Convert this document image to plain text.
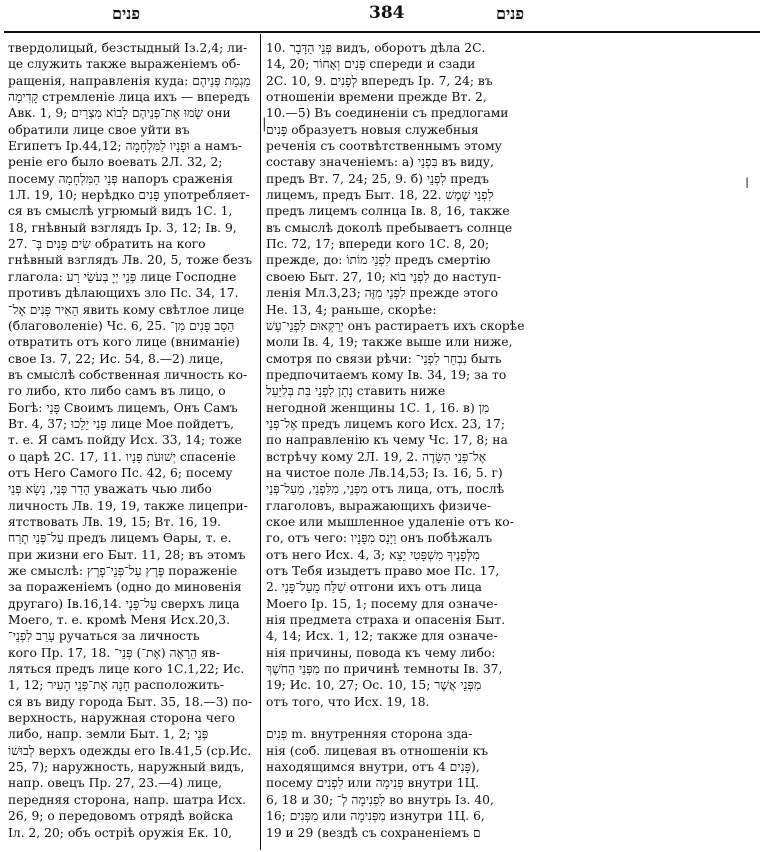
פנים	384	פנים
твердолицый, безстыдный Із.2,4; ли-
це служить также выраженіемъ об-
ращенія, направленія куда: מַגְמַת פְּנֵיהֶם
קָדִימָה стремленіе лица ихъ — впередъ
Авк. 1, 9; שָׂמוּ אֶת־פְּנֵיהֶם לָבוֹא מִצְרַיִם они
обратили лице свое уйти въ
Египетъ Ір.44,12; וּפָנָיו לַמִּלְחָמָה а намъ-
реніе его было воевать 2Л. 32, 2;
посему פְּנֵי הַמִּלְחָמָה напоръ сраженія
1Л. 19, 10; нерѣдко פָּנִים употребляет-
ся въ смыслѣ угрюмый видъ 1С. 1,
18, гнѣвный взглядъ Ір. 3, 12; Ів. 9,
27. שִׂים פָּנִים בְּ־ обратить на кого
гнѣвный взглядъ Лв. 20, 5, тоже безъ
глагола: פְּנֵי יְיָ בְּעֹשֵׂי רָע лице Господне
противъ дѣлающихъ зло Пс. 34, 17.
הֵאִיר פָּנִים אֶל־ явить кому свѣтлое лице
(благоволеніе) Чс. 6, 25. הֵסֵב פָּנִים מִן־
отвратить отъ кого лице (вниманіе)
свое Із. 7, 22; Ис. 54, 8.—2) лице,
въ смыслѣ собственная личность ко-
го либо, кто либо самъ въ лицо, о
Богѣ: פָּנַי Своимъ лицемъ, Онъ Самъ
Вт. 4, 37; פָּנַי יֵלֵכוּ лице Мое пойдетъ,
т. е. Я самъ пойду Исх. 33, 14; тоже
о царѣ 2С. 17, 11. יְשׁוּעֹת פָּנָיו спасеніе
отъ Него Самого Пс. 42, 6; посему
הָדַר פְּנֵי, נָשָׂא פְּנֵי уважать чью либо
личность Лв. 19, 19, также лицепри-
ятствовать Лв. 19, 15; Вт. 16, 19.
עַל־פְּנֵי תֶרַח предъ лицемъ Ѳары, т. е.
при жизни его Быт. 11, 28; въ этомъ
же смыслѣ: פֶּרֶץ עַל־פְּנֵי־פָרֶץ пораженіе
за пораженіемъ (одно до миновенія
другаго) Ів.16,14. עַל־פָּנָי сверхъ лица
Моего, т. е. кромѣ Меня Исх.20,3.
עָרַב לִפְנֵי־ ручаться за личность
кого Пр. 17, 18. הֵרָאֶה (אֶת־) פְּנֵי־ яв-
ляться предъ лице кого 1С.1,22; Ис.
1, 12; חָנָה אֶת־פְּנֵי הָעִיר расположить-
ся въ виду города Быт. 35, 18.—3) по-
верхность, наружная сторона чего
либо, напр. земли Быт. 1, 2; פְּנֵי
לְבוּשׁוֹ верхъ одежды его Ів.41,5 (ср.Ис.
25, 7); наружность, наружный видъ,
напр. овецъ Пр. 27, 23.—4) лице,
передняя сторона, напр. шатра Исх.
26, 9; о передовомъ отрядѣ войска
Іл. 2, 20; объ остріѣ оружія Ек. 10,
10. פְּנֵי הַדָּבָר видъ, оборотъ дѣла 2С.
14, 20; פָּנִים וְאָחוֹר спереди и сзади
2С. 10, 9. לְפָנִים впередъ Ір. 7, 24; въ
отношеніи времени прежде Вт. 2,
10.—5) Въ соединеніи съ предлогами
פָּנִים образуетъ новыя служебныя
реченія съ соотвѣтственнымъ этому
составу значеніемъ: а) בִּפְנֵי въ виду,
предъ Вт. 7, 24; 25, 9. б) לִפְנֵי предъ
лицемъ, предъ Быт. 18, 22. לִפְנֵי שֶׁמֶשׁ
предъ лицемъ солнца Ів. 8, 16, также
въ смыслѣ доколѣ пребываетъ солнце
Пс. 72, 17; впереди кого 1С. 8, 20;
прежде, до: לִפְנֵי מוֹתוֹ предъ смертію
своею Быт. 27, 10; לִפְנֵי בוֹא до наступ-
ленія Мл.3,23; לִפְנֵי מִזֶּה прежде этого
Не. 13, 4; раньше, скорѣе:
יְרַקְּאוּם לִפְנֵי־עָשׁ онъ растираетъ ихъ скорѣе
моли Ів. 4, 19; также выше или ниже,
смотря по связи рѣчи: נִבְחַר לִפְנֵי־ быть
предпочитаемъ кому Ів. 34, 19; за то
נָתַן לִפְנֵי בַּת בְּלִיַּעַל ставить ниже
негодной женщины 1С. 1, 16. в) מִן
אֶל־פְּנֵי предъ лицемъ кого Исх. 23, 17;
по направленію къ чему Чс. 17, 8; на
встрѣчу кому 2Л. 19, 2. אֶל־פְּנֵי הַשָּׂדֶה
на чистое поле Лв.14,53; Із. 16, 5. г)
מִפְּנֵי, מִלִּפְנֵי, מֵעַל־פְּנֵי отъ лица, отъ, послѣ
глаголовъ, выражающихъ физиче-
ское или мышленное удаленіе отъ ко-
го, отъ чего: וַיָּנָס מִפָּנָיו онъ побѣжалъ
отъ него Исх. 4, 3; מִלְּפָנֶיךָ מִשְׁפָּטִי יֵצֵא
отъ Тебя изыдетъ право мое Пс. 17,
2. שַׁלַּח מֵעַל־פָּנַי отгони ихъ отъ лица
Моего Ір. 15, 1; посему для означе-
нія предмета страха и опасенія Быт.
4, 14; Исх. 1, 12; также для означе-
нія причины, повода къ чему либо:
מִפְּנֵי הַחֹשֶׁךְ по причинѣ темноты Ів. 37,
19; Ис. 10, 27; Ос. 10, 15; מִפְּנֵי אֲשֶׁר
отъ того, что Исх. 19, 18.
פְּנִים m. внутренняя сторона зда-
нія (соб. лицевая въ отношеніи къ
находящимся внутри, отъ פָּנִים 4),
посему לִפְנִים или פְּנִימָה внутри 1Ц.
6, 18 и 30; לִפְנִימָה לְ־ во внутрь Із. 40,
16; מִפְּנִים или מִפְּנִימָה изнутри 1Ц. 6,
19 и 29 (вездѣ съ сохраненіемъ ם
|
ǀ
